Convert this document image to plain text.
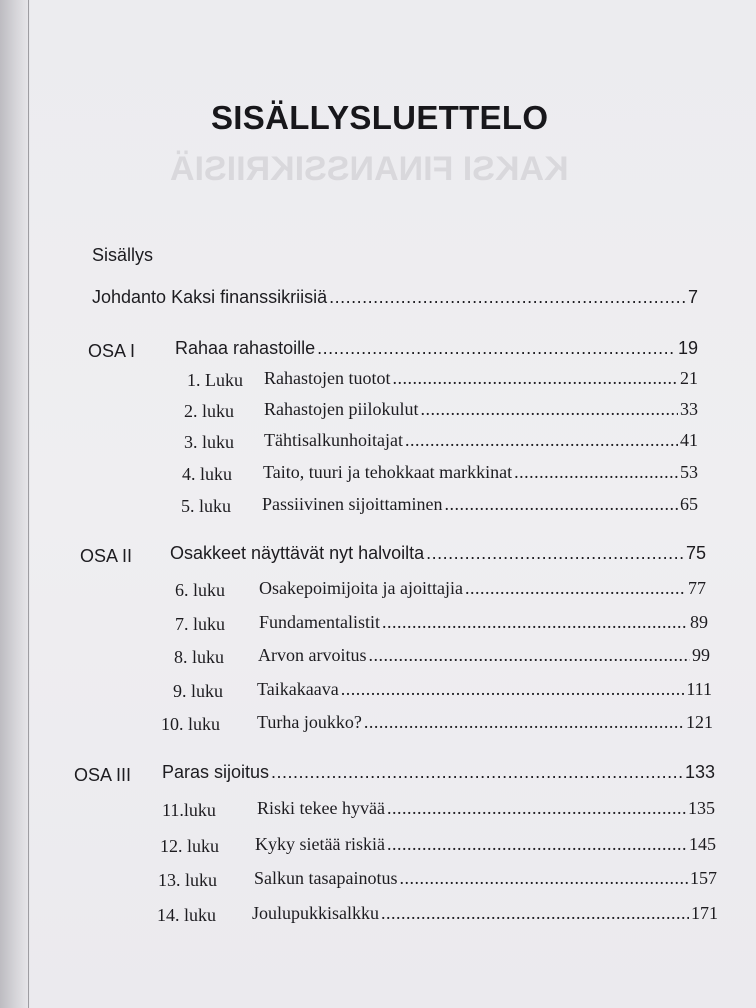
KAKSI FINANSSIKRIISIÄ
SISÄLLYSLUETTELO
Sisällys
Johdanto Kaksi finanssikriisiä .....	7
OSA I Rahaa rahastoille .....	19
1. Luku Rahastojen tuotot .....	21
2. luku Rahastojen piilokulut .....	33
3. luku Tähtisalkunhoitajat .....	41
4. luku Taito, tuuri ja tehokkaat markkinat .....	53
5. luku Passiivinen sijoittaminen .....	65
OSA II Osakkeet näyttävät nyt halvoilta .....	75
6. luku Osakepoimijoita ja ajoittajia .....	77
7. luku Fundamentalistit .....	89
8. luku Arvon arvoitus .....	99
9. luku Taikakaava .....	111
10. luku Turha joukko? .....	121
OSA III Paras sijoitus .....	133
11.luku Riski tekee hyvää .....	135
12. luku Kyky sietää riskiä .....	145
13. luku Salkun tasapainotus .....	157
14. luku Joulupukkisalkku .....	171
